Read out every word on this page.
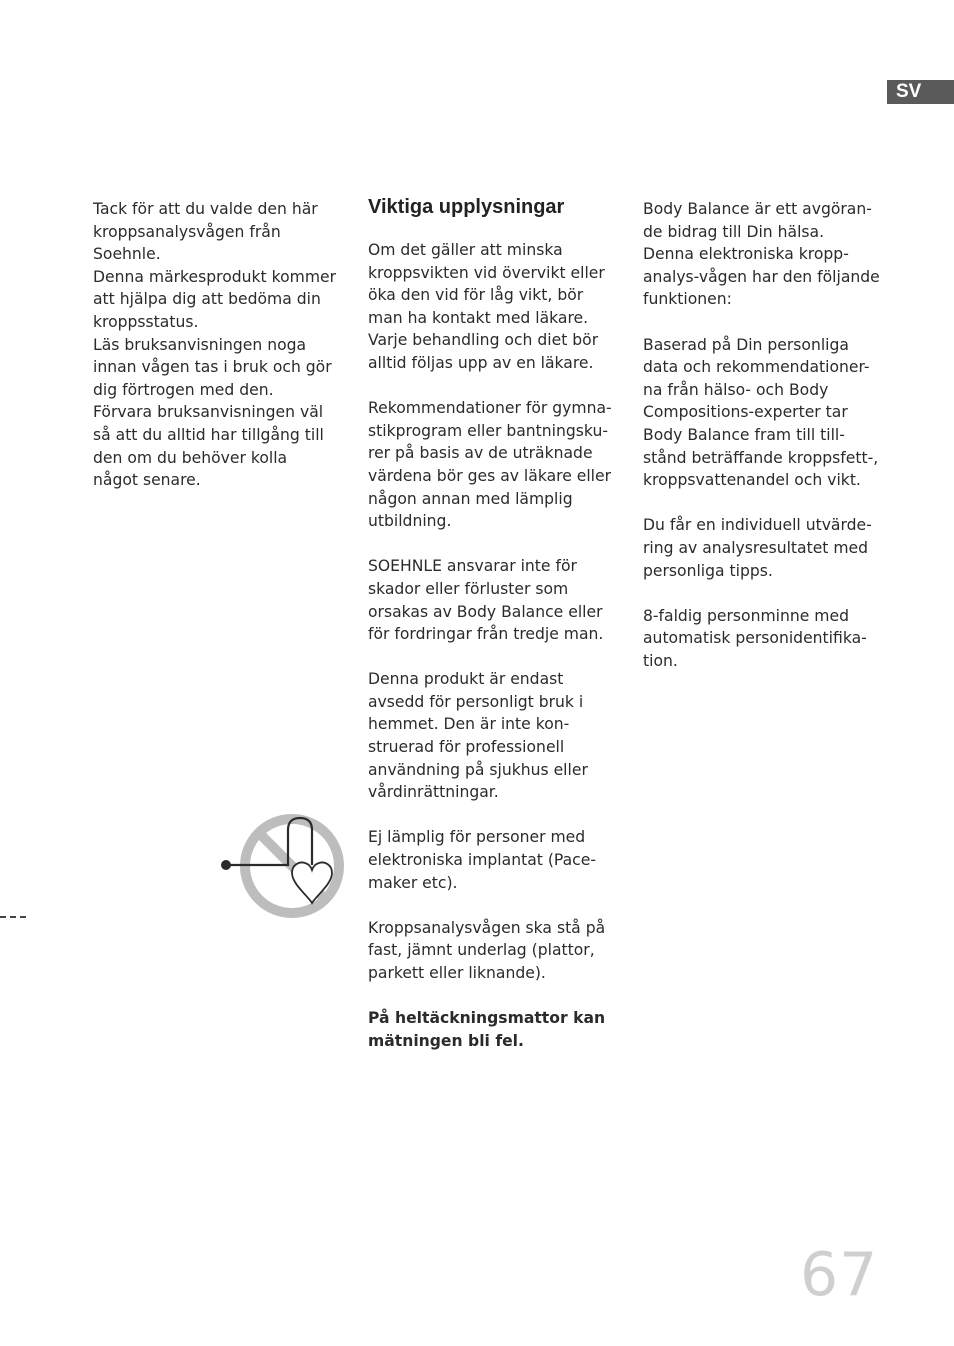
SV
Tack för att du valde den här
kroppsanalysvågen från
Soehnle.
Denna märkesprodukt kommer
att hjälpa dig att bedöma din
kroppsstatus.
Läs bruksanvisningen noga
innan vågen tas i bruk och gör
dig förtrogen med den.
Förvara bruksanvisningen väl
så att du alltid har tillgång till
den om du behöver kolla
något senare.
Viktiga upplysningar
Om det gäller att minska
kroppsvikten vid övervikt eller
öka den vid för låg vikt, bör
man ha kontakt med läkare.
Varje behandling och diet bör
alltid följas upp av en läkare.
Rekommendationer för gymna-
stikprogram eller bantningsku-
rer på basis av de uträknade
värdena bör ges av läkare eller
någon annan med lämplig
utbildning.
SOEHNLE ansvarar inte för
skador eller förluster som
orsakas av Body Balance eller
för fordringar från tredje man.
Denna produkt är endast
avsedd för personligt bruk i
hemmet. Den är inte kon-
struerad för professionell
användning på sjukhus eller
vårdinrättningar.
Ej lämplig för personer med
elektroniska implantat (Pace-
maker etc).
Kroppsanalysvågen ska stå på
fast, jämnt underlag (plattor,
parkett eller liknande).
På heltäckningsmattor kan
mätningen bli fel.
Body Balance är ett avgöran-
de bidrag till Din hälsa.
Denna elektroniska kropp-
analys-vågen har den följande
funktionen:
Baserad på Din personliga
data och rekommendationer-
na från hälso- och Body
Compositions-experter tar
Body Balance fram till till-
stånd beträffande kroppsfett-,
kroppsvattenandel och vikt.
Du får en individuell utvärde-
ring av analysresultatet med
personliga tipps.
8-faldig personminne med
automatisk personidentifika-
tion.
67
